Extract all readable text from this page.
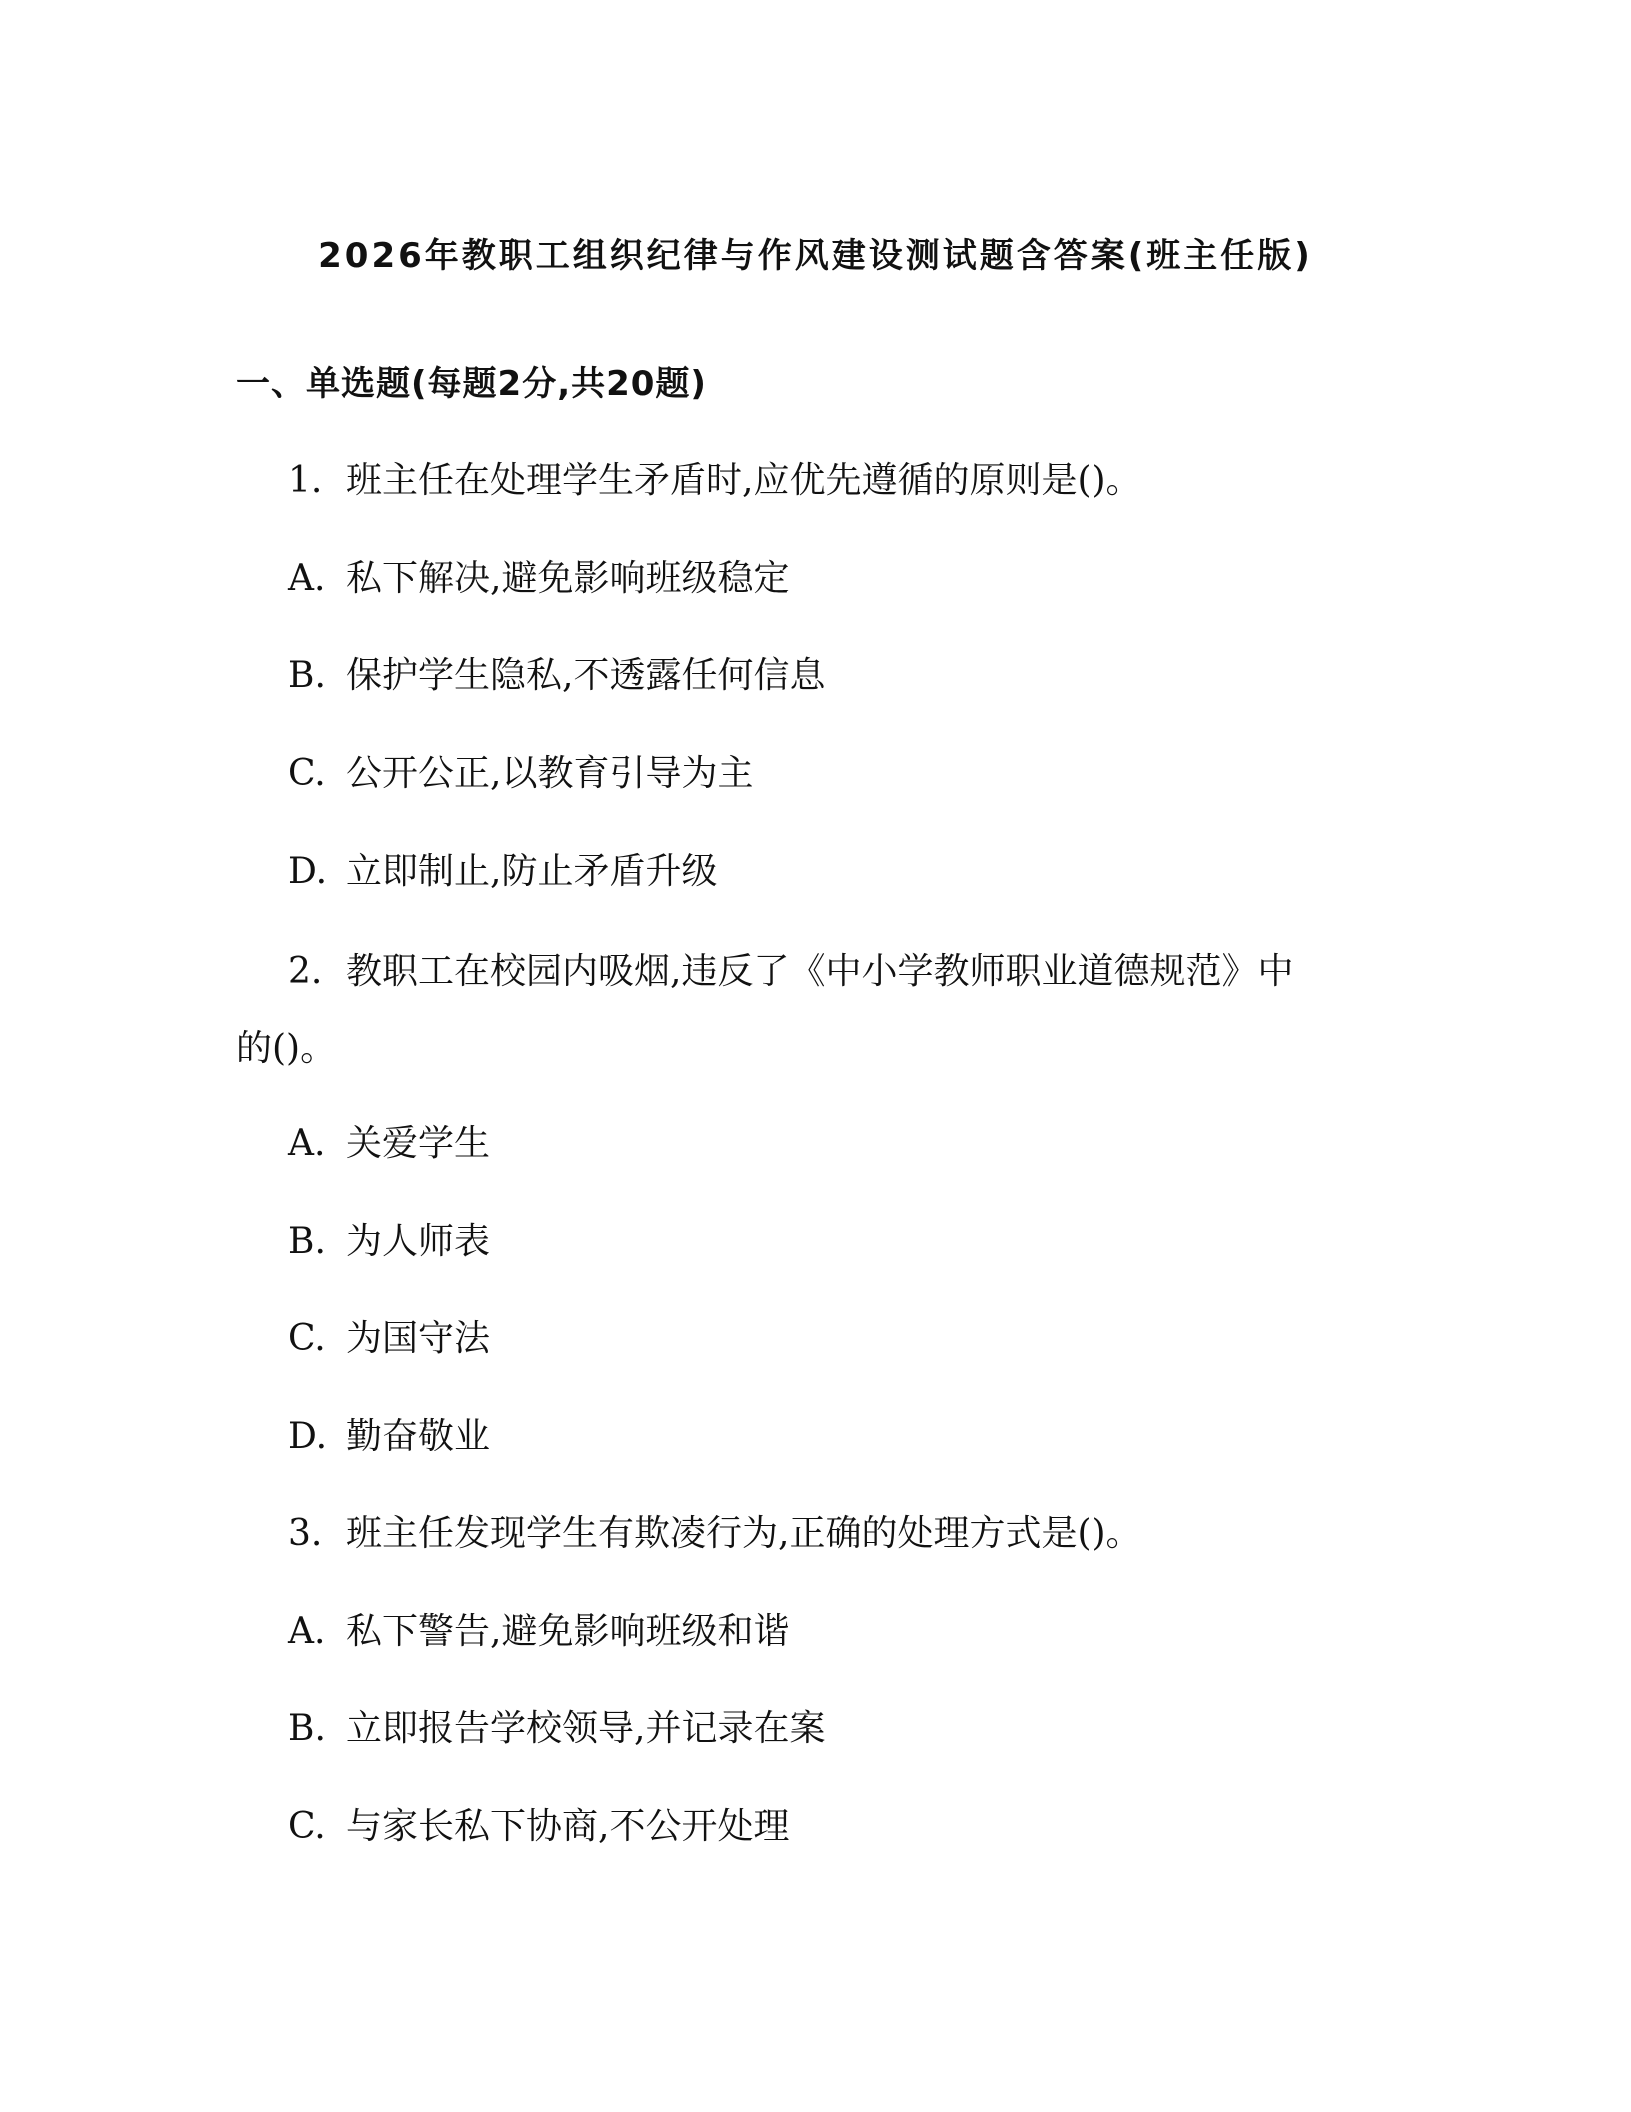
2026年教职工组织纪律与作风建设测试题含答案(班主任版)
一、单选题(每题2分,共20题)
1. 班主任在处理学生矛盾时,应优先遵循的原则是()。
A. 私下解决,避免影响班级稳定
B. 保护学生隐私,不透露任何信息
C. 公开公正,以教育引导为主
D. 立即制止,防止矛盾升级
2. 教职工在校园内吸烟,违反了《中小学教师职业道德规范》中
的()。
A. 关爱学生
B. 为人师表
C. 为国守法
D. 勤奋敬业
3. 班主任发现学生有欺凌行为,正确的处理方式是()。
A. 私下警告,避免影响班级和谐
B. 立即报告学校领导,并记录在案
C. 与家长私下协商,不公开处理
